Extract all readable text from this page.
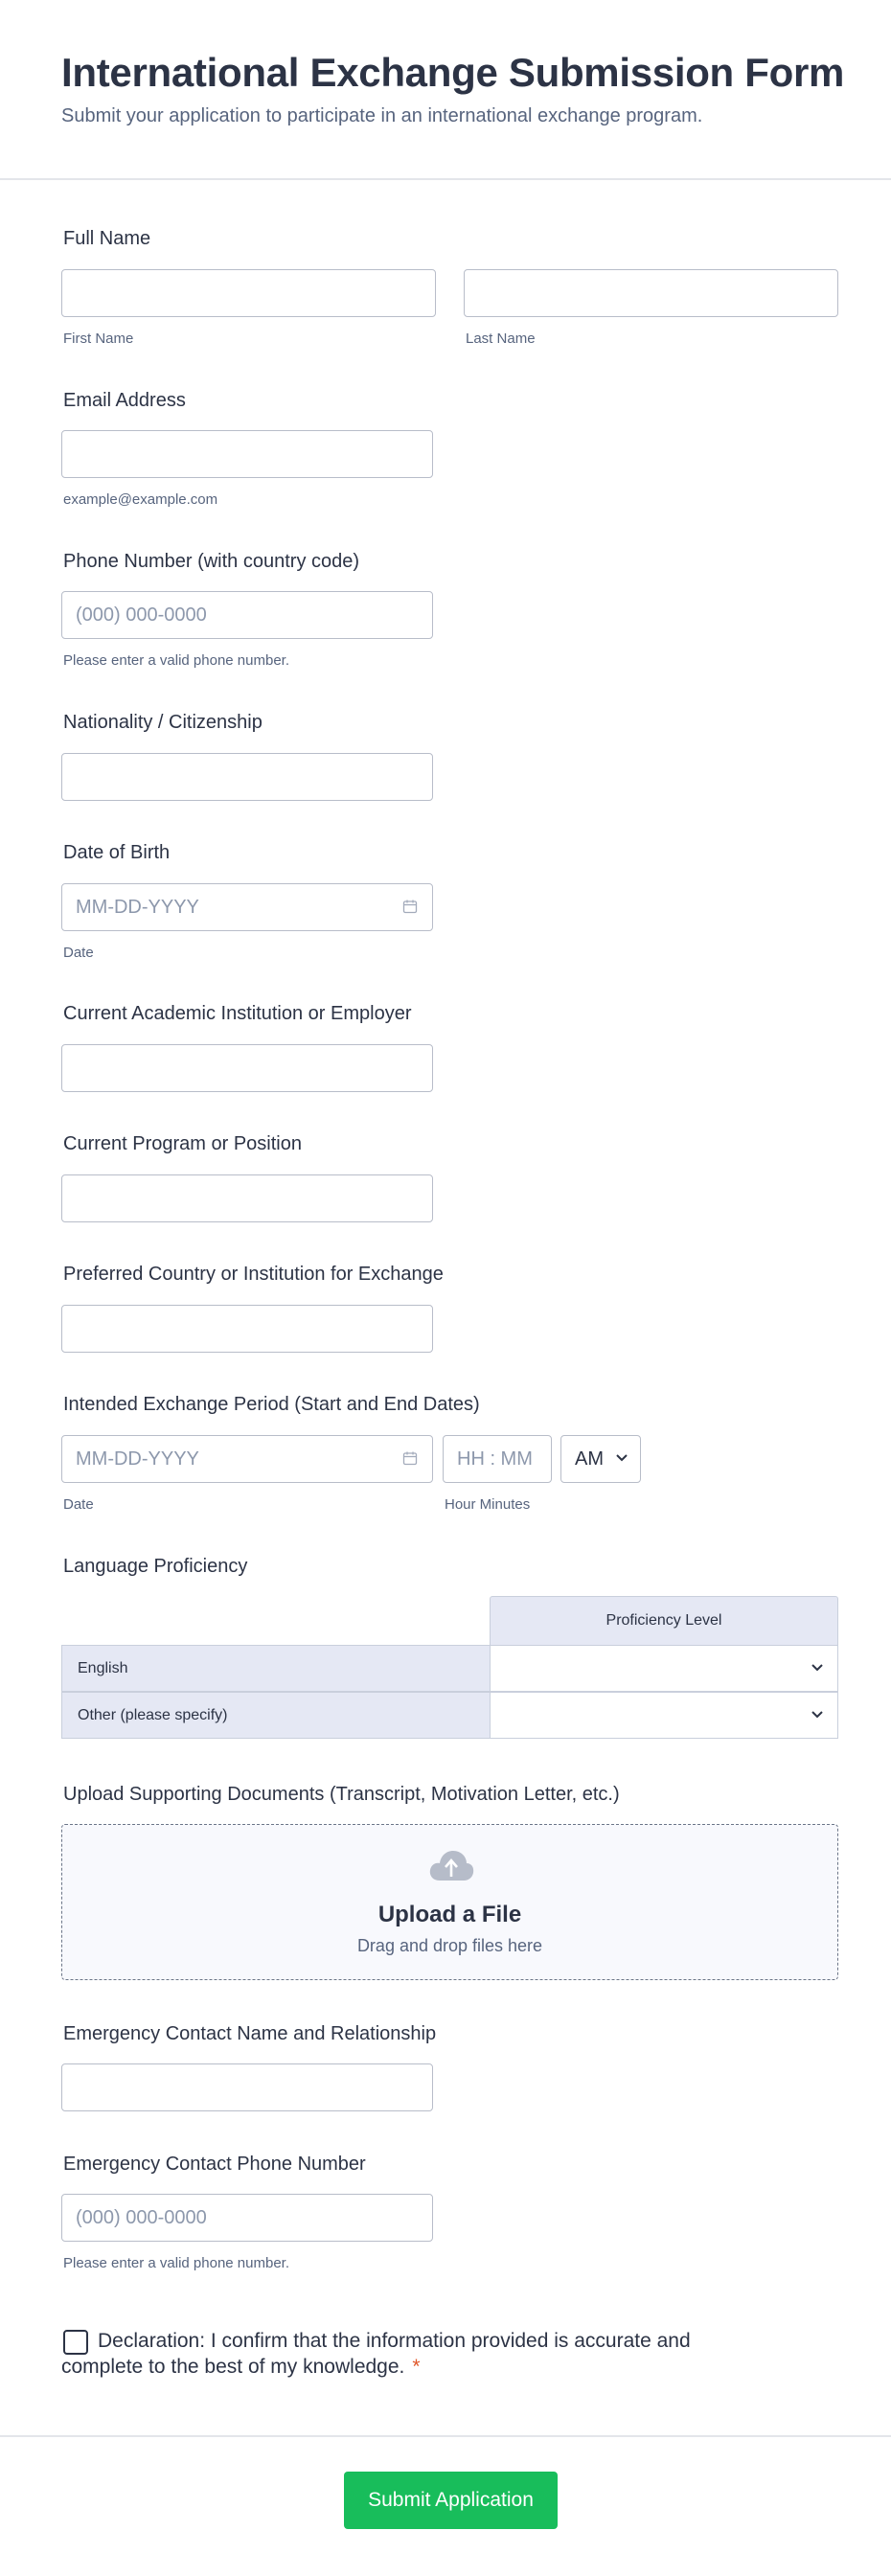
International Exchange Submission Form
Submit your application to participate in an international exchange program.
Full Name
First Name	Last Name
Email Address
example@example.com
Phone Number (with country code)
(000) 000-0000
Please enter a valid phone number.
Nationality / Citizenship
Date of Birth
MM-DD-YYYY
Date
Current Academic Institution or Employer
Current Program or Position
Preferred Country or Institution for Exchange
Intended Exchange Period (Start and End Dates)
MM-DD-YYYY
HH : MM
AM
Date	Hour Minutes
Language Proficiency
Proficiency Level
English
Other (please specify)
Upload Supporting Documents (Transcript, Motivation Letter, etc.)
Upload a File
Drag and drop files here
Emergency Contact Name and Relationship
Emergency Contact Phone Number
(000) 000-0000
Please enter a valid phone number.
Declaration: I confirm that the information provided is accurate and
complete to the best of my knowledge. *
Submit Application
